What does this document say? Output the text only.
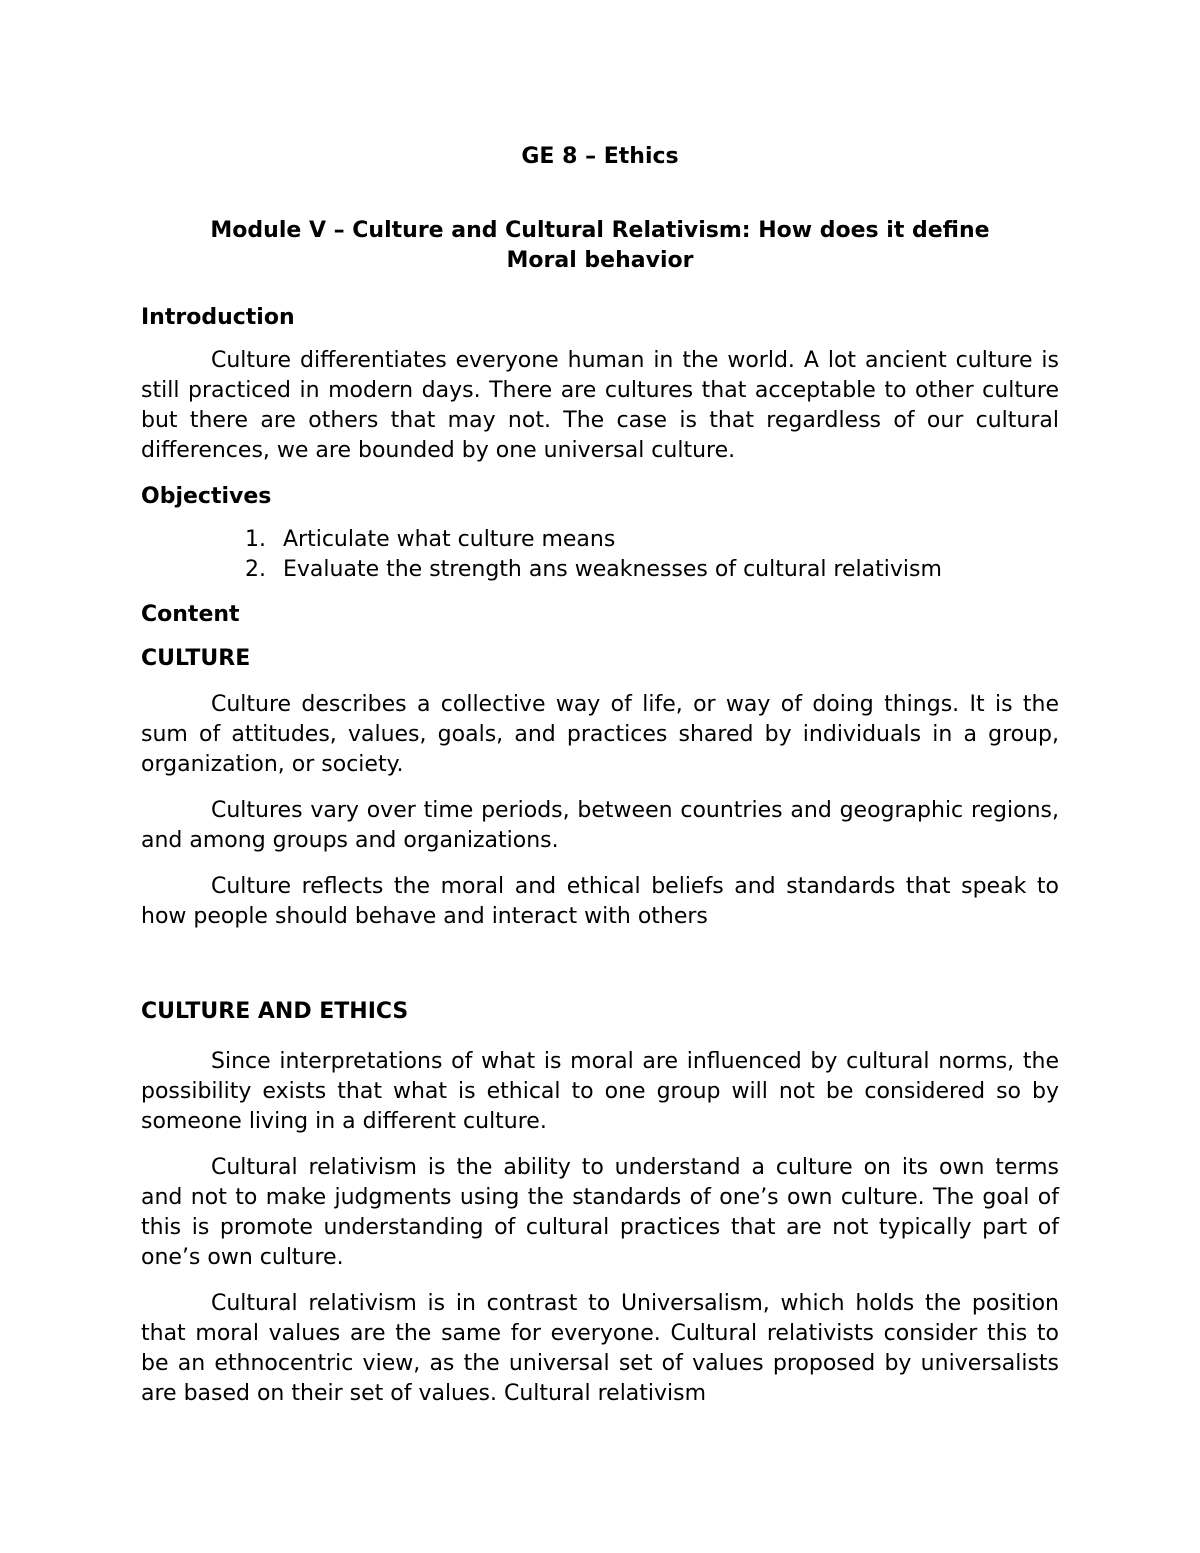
GE 8 – Ethics

Module V – Culture and Cultural Relativism: How does it define

Moral behavior

Introduction

Culture differentiates everyone human in the world. A lot ancient culture is still practiced in modern days. There are cultures that acceptable to other culture but there are others that may not. The case is that regardless of our cultural differences, we are bounded by one universal culture.

Objectives

1. Articulate what culture means
2. Evaluate the strength ans weaknesses of cultural relativism

Content

CULTURE

Culture describes a collective way of life, or way of doing things. It is the sum of attitudes, values, goals, and practices shared by individuals in a group, organization, or society.

Cultures vary over time periods, between countries and geographic regions, and among groups and organizations.

Culture reflects the moral and ethical beliefs and standards that speak to how people should behave and interact with others

CULTURE AND ETHICS

Since interpretations of what is moral are influenced by cultural norms, the possibility exists that what is ethical to one group will not be considered so by someone living in a different culture.

Cultural relativism is the ability to understand a culture on its own terms and not to make judgments using the standards of one’s own culture. The goal of this is promote understanding of cultural practices that are not typically part of one’s own culture.

Cultural relativism is in contrast to Universalism, which holds the position that moral values are the same for everyone. Cultural relativists consider this to be an ethnocentric view, as the universal set of values proposed by universalists are based on their set of values. Cultural relativism
